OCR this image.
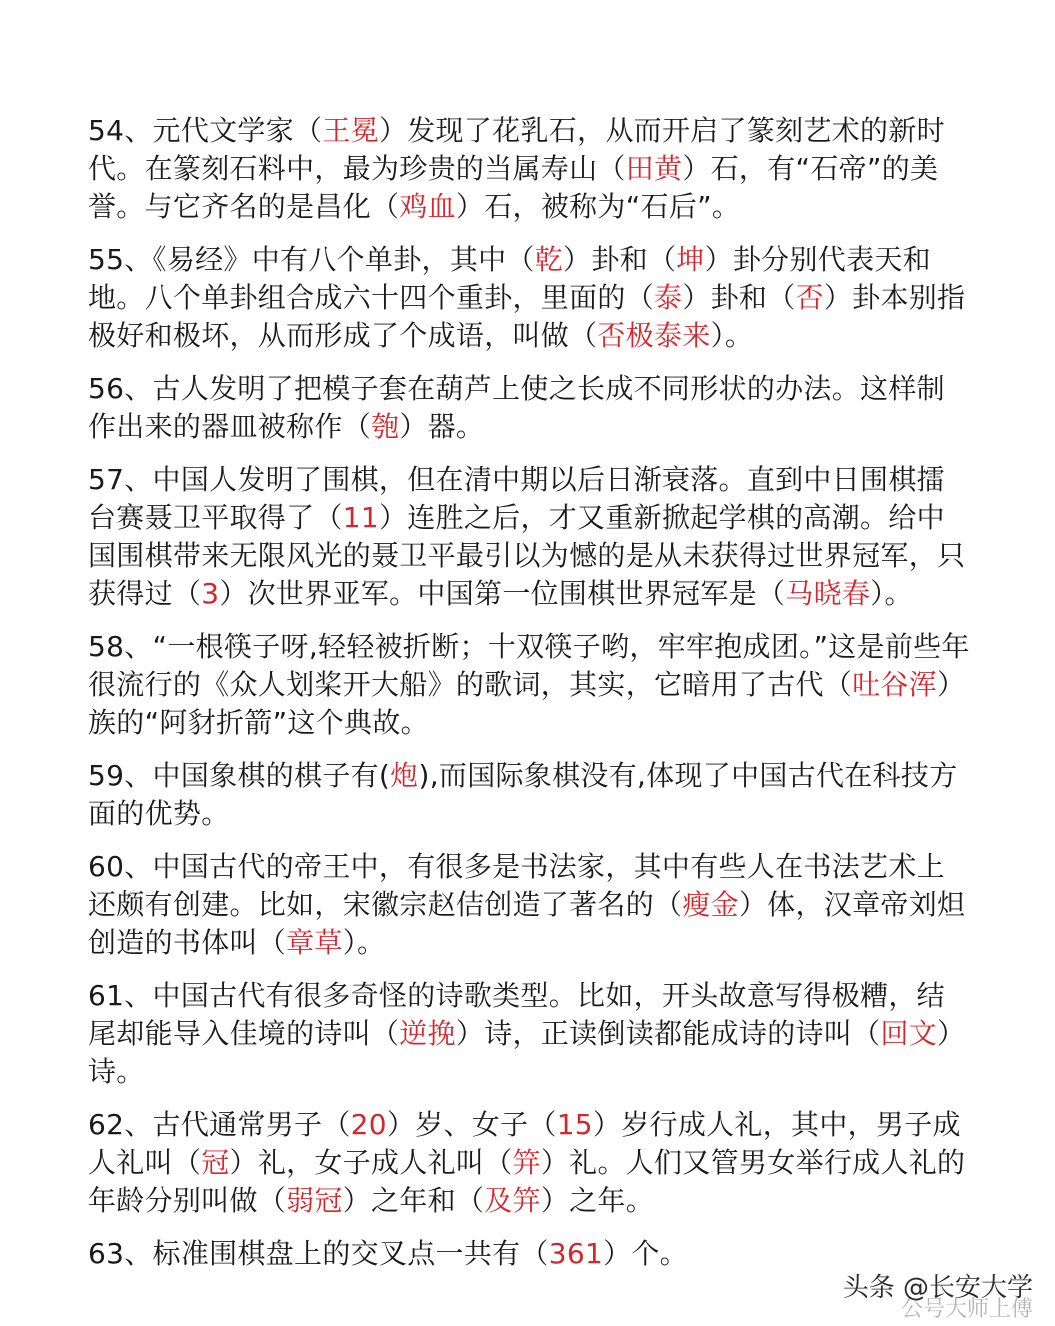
54、元代文学家（王冕）发现了花乳石，从而开启了篆刻艺术的新时代。在篆刻石料中，最为珍贵的当属寿山（田黄）石，有“石帝”的美誉。与它齐名的是昌化（鸡血）石，被称为“石后”。

55、《易经》中有八个单卦，其中（乾）卦和（坤）卦分别代表天和地。八个单卦组合成六十四个重卦，里面的（泰）卦和（否）卦本别指极好和极坏，从而形成了个成语，叫做（否极泰来）。

56、古人发明了把模子套在葫芦上使之长成不同形状的办法。这样制作出来的器皿被称作（匏）器。

57、中国人发明了围棋，但在清中期以后日渐衰落。直到中日围棋擂台赛聂卫平取得了（11）连胜之后，才又重新掀起学棋的高潮。给中国围棋带来无限风光的聂卫平最引以为憾的是从未获得过世界冠军，只获得过（3）次世界亚军。中国第一位围棋世界冠军是（马晓春）。

58、“一根筷子呀,轻轻被折断；十双筷子哟，牢牢抱成团。”这是前些年很流行的《众人划桨开大船》的歌词，其实，它暗用了古代（吐谷浑）族的“阿豺折箭”这个典故。

59、中国象棋的棋子有(炮),而国际象棋没有,体现了中国古代在科技方面的优势。

60、中国古代的帝王中，有很多是书法家，其中有些人在书法艺术上还颇有创建。比如，宋徽宗赵佶创造了著名的（瘦金）体，汉章帝刘炟创造的书体叫（章草）。

61、中国古代有很多奇怪的诗歌类型。比如，开头故意写得极糟，结尾却能导入佳境的诗叫（逆挽）诗，正读倒读都能成诗的诗叫（回文）诗。

62、古代通常男子（20）岁、女子（15）岁行成人礼，其中，男子成人礼叫（冠）礼，女子成人礼叫（笄）礼。人们又管男女举行成人礼的年龄分别叫做（弱冠）之年和（及笄）之年。

63、标准围棋盘上的交叉点一共有（361）个。

头条 @长安大学
公号大师上傅
